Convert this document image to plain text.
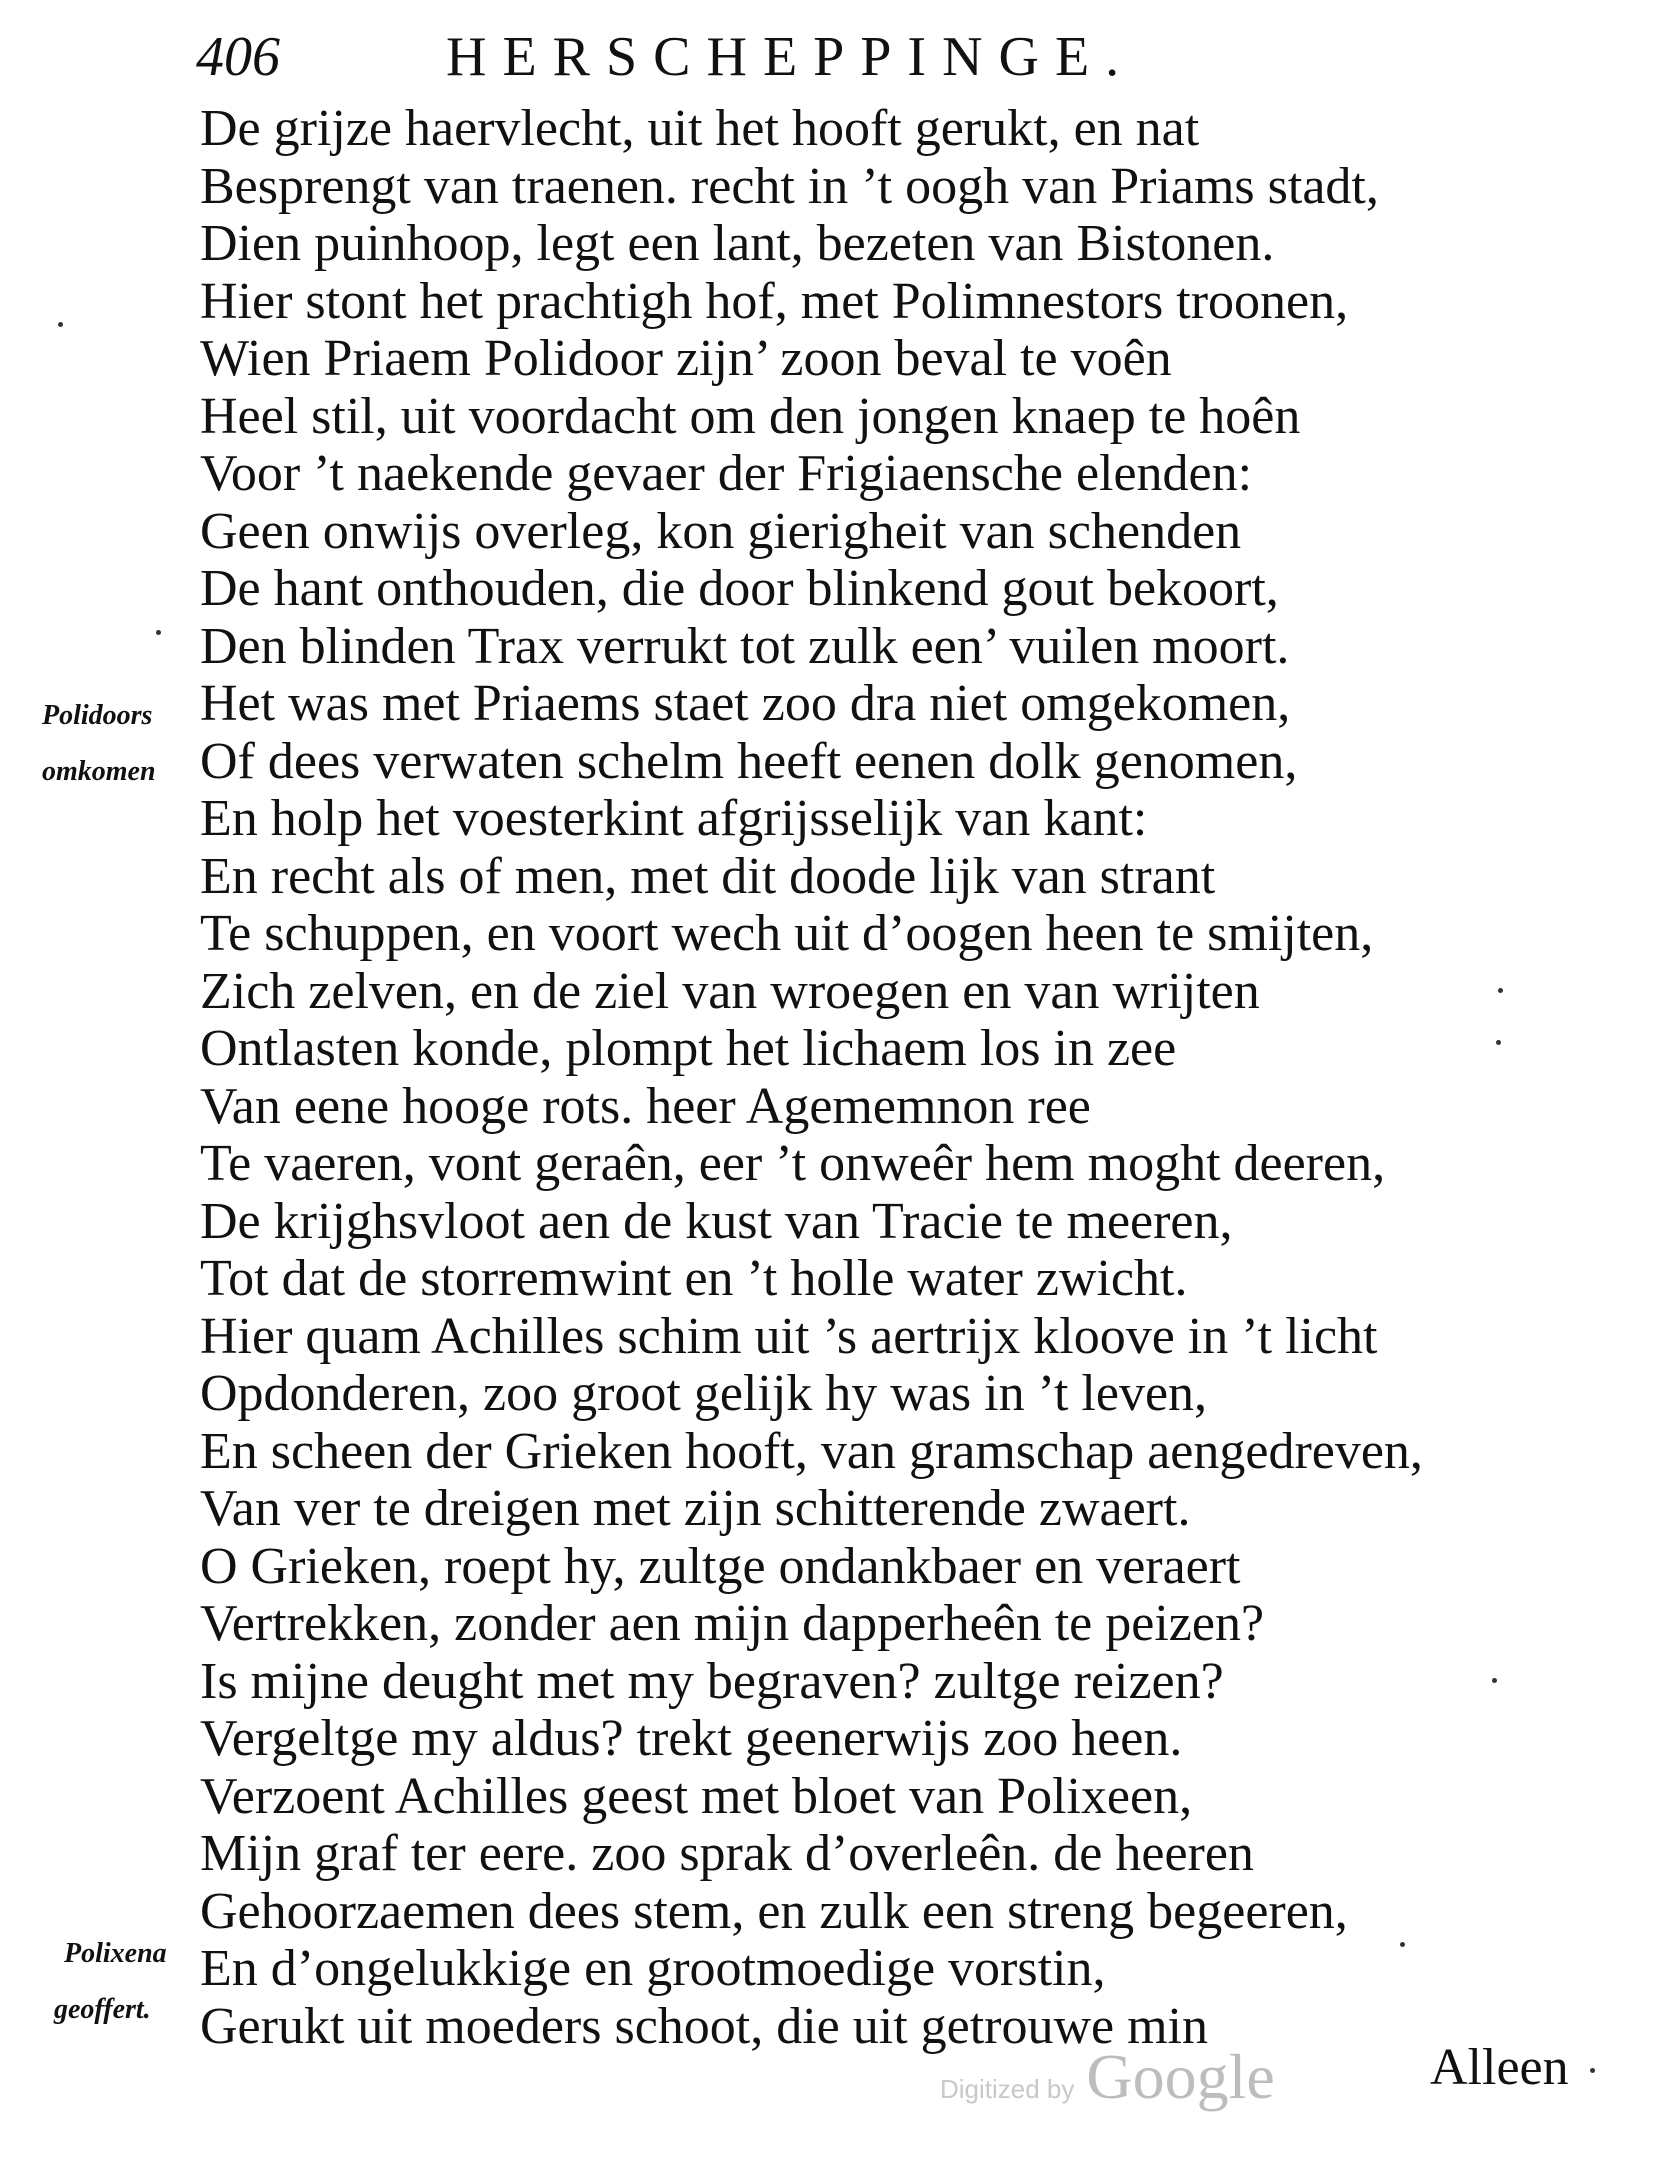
406	HERSCHEPPINGE.
De grijze haervlecht, uit het hooft gerukt, en nat
Besprengt van traenen. recht in ’t oogh van Priams stadt,
Dien puinhoop, legt een lant, bezeten van Bistonen.
Hier stont het prachtigh hof, met Polimnestors troonen,
Wien Priaem Polidoor zijn’ zoon beval te voên
Heel stil, uit voordacht om den jongen knaep te hoên
Voor ’t naekende gevaer der Frigiaensche elenden:
Geen onwijs overleg, kon gierigheit van schenden
De hant onthouden, die door blinkend gout bekoort,
Den blinden Trax verrukt tot zulk een’ vuilen moort.
Het was met Priaems staet zoo dra niet omgekomen,
Of dees verwaten schelm heeft eenen dolk genomen,
En holp het voesterkint afgrijsselijk van kant:
En recht als of men, met dit doode lijk van strant
Te schuppen, en voort wech uit d’oogen heen te smijten,
Zich zelven, en de ziel van wroegen en van wrijten
Ontlasten konde, plompt het lichaem los in zee
Van eene hooge rots. heer Agememnon ree
Te vaeren, vont geraên, eer ’t onweêr hem moght deeren,
De krijghsvloot aen de kust van Tracie te meeren,
Tot dat de storremwint en ’t holle water zwicht.
Hier quam Achilles schim uit ’s aertrijx kloove in ’t licht
Opdonderen, zoo groot gelijk hy was in ’t leven,
En scheen der Grieken hooft, van gramschap aengedreven,
Van ver te dreigen met zijn schitterende zwaert.
O Grieken, roept hy, zultge ondankbaer en veraert
Vertrekken, zonder aen mijn dapperheên te peizen?
Is mijne deught met my begraven? zultge reizen?
Vergeltge my aldus? trekt geenerwijs zoo heen.
Verzoent Achilles geest met bloet van Polixeen,
Mijn graf ter eere. zoo sprak d’overleên. de heeren
Gehoorzaemen dees stem, en zulk een streng begeeren,
En d’ongelukkige en grootmoedige vorstin,
Gerukt uit moeders schoot, die uit getrouwe min
Polidoors
omkomen
Polixena
geoffert.
Alleen
Digitized by Google
